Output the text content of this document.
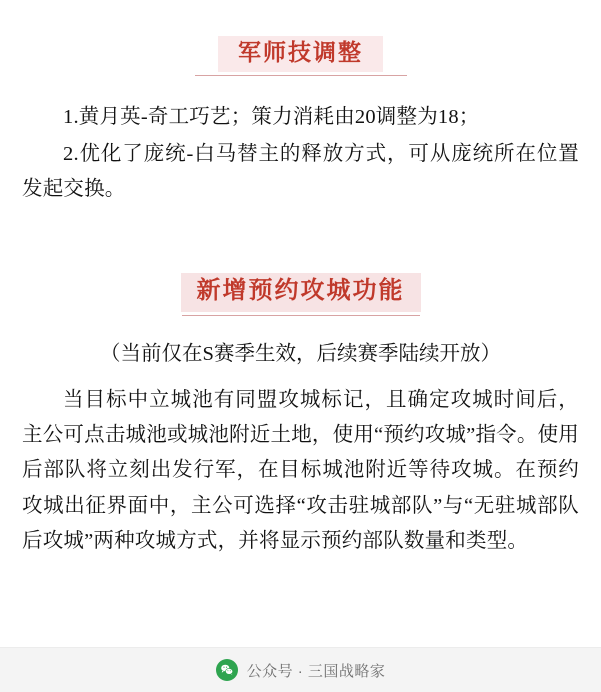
军师技调整

1.黄月英-奇工巧艺；策力消耗由20调整为18；

2.优化了庞统-白马替主的释放方式，可从庞统所在位置发起交换。

新增预约攻城功能
（当前仅在S赛季生效，后续赛季陆续开放）

当目标中立城池有同盟攻城标记，且确定攻城时间后，主公可点击城池或城池附近土地，使用“预约攻城”指令。使用后部队将立刻出发行军，在目标城池附近等待攻城。在预约攻城出征界面中，主公可选择“攻击驻城部队”与“无驻城部队后攻城”两种攻城方式，并将显示预约部队数量和类型。

公众号 · 三国战略家
